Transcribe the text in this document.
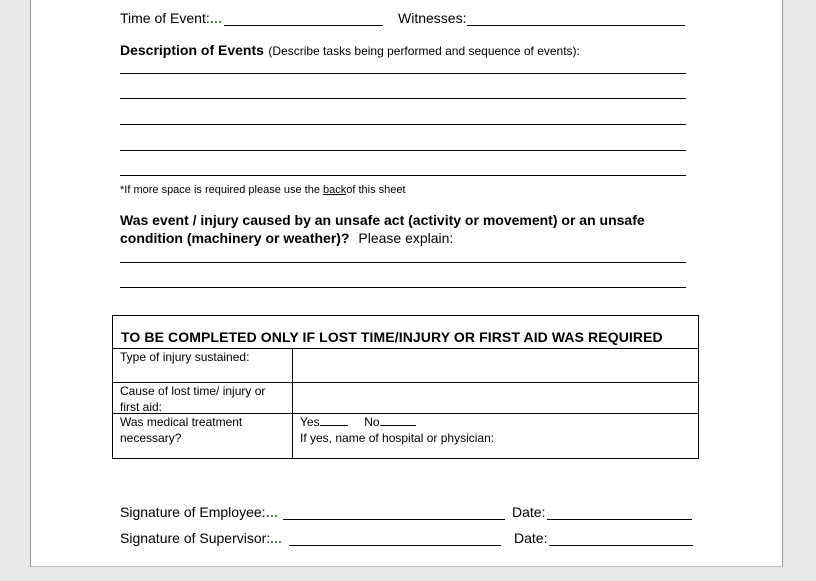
Time of Event:	Witnesses:
Description of Events (Describe tasks being performed and sequence of events):
*If more space is required please use the backof this sheet
Was event / injury caused by an unsafe act (activity or movement) or an unsafe
condition (machinery or weather)? Please explain:
TO BE COMPLETED ONLY IF LOST TIME/INJURY OR FIRST AID WAS REQUIRED
Type of injury sustained:
Cause of lost time/ injury or
first aid:
Was medical treatment
necessary?
Yes	No
If yes, name of hospital or physician:
Signature of Employee:	Date:
Signature of Supervisor:	Date:
